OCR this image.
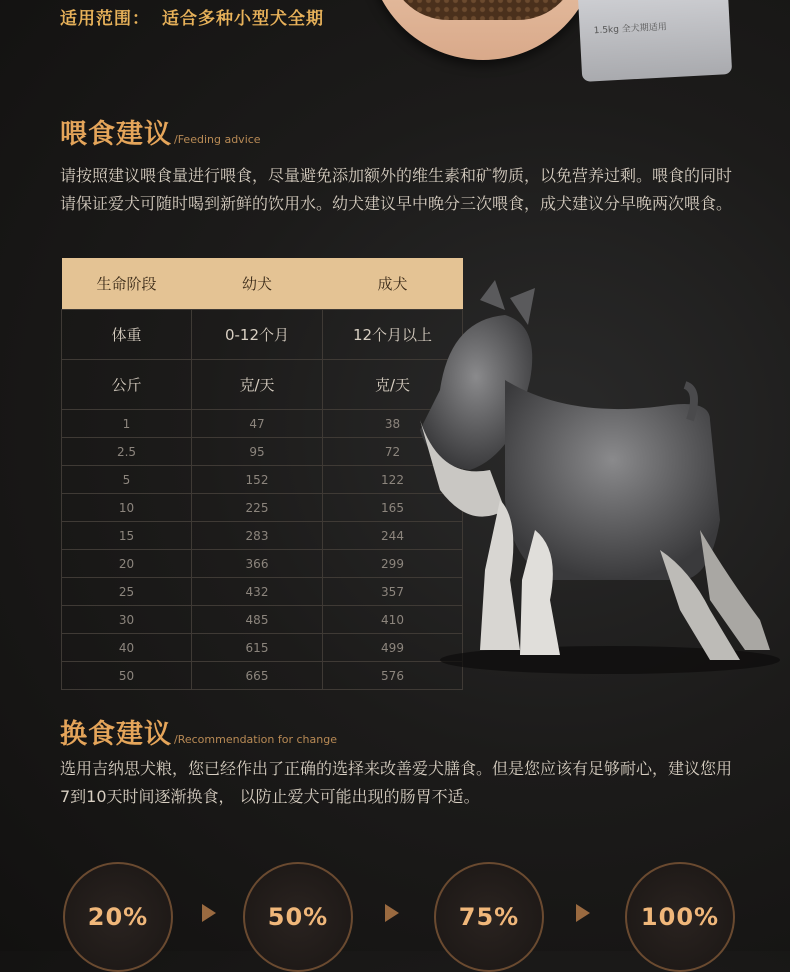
1.5kg 全犬期适用
适用范围： 适合多种小型犬全期
喂食建议 /Feeding advice
请按照建议喂食量进行喂食，尽量避免添加额外的维生素和矿物质，以免营养过剩。喂食的同时请保证爱犬可随时喝到新鲜的饮用水。幼犬建议早中晚分三次喂食，成犬建议分早晚两次喂食。
生命阶段	幼犬	成犬
体重	0-12个月	12个月以上
公斤	克/天	克/天
1	47	38
2.5	95	72
5	152	122
10	225	165
15	283	244
20	366	299
25	432	357
30	485	410
40	615	499
50	665	576
换食建议 /Recommendation for change
选用吉纳思犬粮，您已经作出了正确的选择来改善爱犬膳食。但是您应该有足够耐心，建议您用7到10天时间逐渐换食， 以防止爱犬可能出现的肠胃不适。
20%	50%	75%	100%
